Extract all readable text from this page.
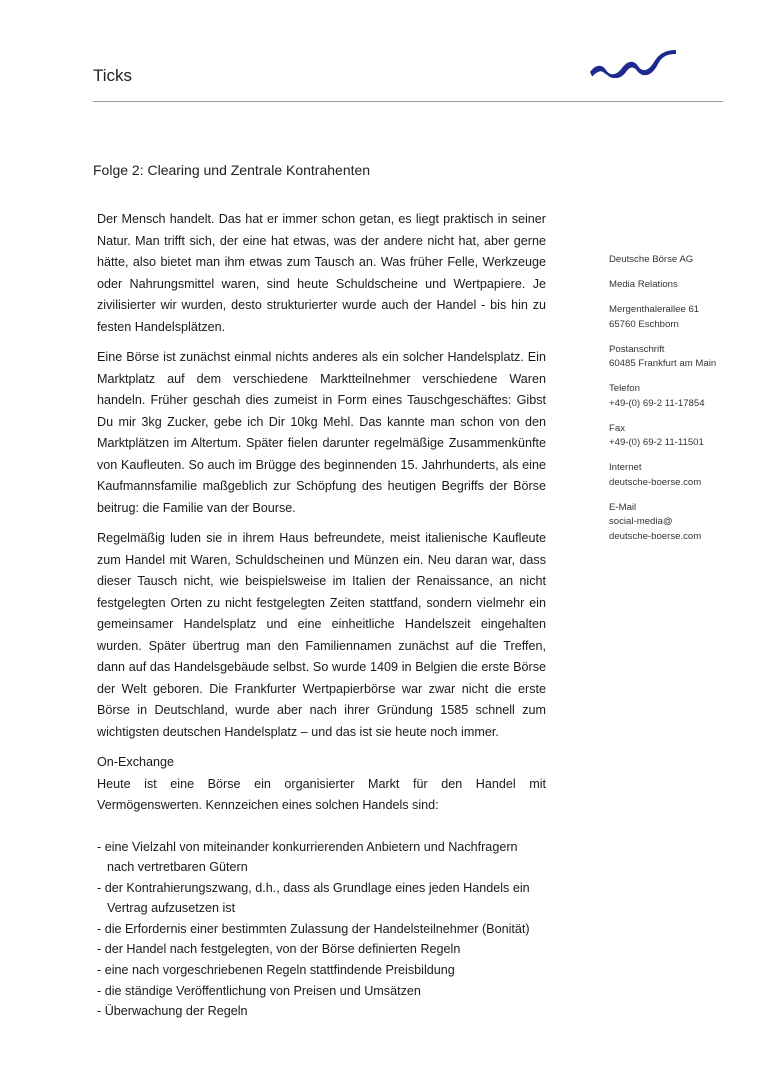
Ticks
Folge 2: Clearing und Zentrale Kontrahenten

Der Mensch handelt. Das hat er immer schon getan, es liegt praktisch in seiner Natur. Man trifft sich, der eine hat etwas, was der andere nicht hat, aber gerne hätte, also bietet man ihm etwas zum Tausch an. Was früher Felle, Werkzeuge oder Nahrungsmittel waren, sind heute Schuldscheine und Wertpapiere. Je zivilisierter wir wurden, desto strukturierter wurde auch der Handel - bis hin zu festen Handelsplätzen.

Eine Börse ist zunächst einmal nichts anderes als ein solcher Handelsplatz. Ein Marktplatz auf dem verschiedene Marktteilnehmer verschiedene Waren handeln. Früher geschah dies zumeist in Form eines Tauschgeschäftes: Gibst Du mir 3kg Zucker, gebe ich Dir 10kg Mehl. Das kannte man schon von den Marktplätzen im Altertum. Später fielen darunter regelmäßige Zusammenkünfte von Kaufleuten. So auch im Brügge des beginnenden 15. Jahrhunderts, als eine Kaufmannsfamilie maßgeblich zur Schöpfung des heutigen Begriffs der Börse beitrug: die Familie van der Bourse.

Regelmäßig luden sie in ihrem Haus befreundete, meist italienische Kaufleute zum Handel mit Waren, Schuldscheinen und Münzen ein. Neu daran war, dass dieser Tausch nicht, wie beispielsweise im Italien der Renaissance, an nicht festgelegten Orten zu nicht festgelegten Zeiten stattfand, sondern vielmehr ein gemeinsamer Handelsplatz und eine einheitliche Handelszeit eingehalten wurden. Später übertrug man den Familiennamen zunächst auf die Treffen, dann auf das Handelsgebäude selbst. So wurde 1409 in Belgien die erste Börse der Welt geboren. Die Frankfurter Wertpapierbörse war zwar nicht die erste Börse in Deutschland, wurde aber nach ihrer Gründung 1585 schnell zum wichtigsten deutschen Handelsplatz – und das ist sie heute noch immer.

On-Exchange

Heute ist eine Börse ein organisierter Markt für den Handel mit Vermögenswerten. Kennzeichen eines solchen Handels sind:

- eine Vielzahl von miteinander konkurrierenden Anbietern und Nachfragern nach vertretbaren Gütern
- der Kontrahierungszwang, d.h., dass als Grundlage eines jeden Handels ein Vertrag aufzusetzen ist
- die Erfordernis einer bestimmten Zulassung der Handelsteilnehmer (Bonität)
- der Handel nach festgelegten, von der Börse definierten Regeln
- eine nach vorgeschriebenen Regeln stattfindende Preisbildung
- die ständige Veröffentlichung von Preisen und Umsätzen
- Überwachung der Regeln
Deutsche Börse AG
Media Relations
Mergenthalerallee 61
65760 Eschborn
Postanschrift
60485 Frankfurt am Main
Telefon
+49-(0) 69-2 11-17854
Fax
+49-(0) 69-2 11-11501
Internet
deutsche-boerse.com
E-Mail
social-media@
deutsche-boerse.com
